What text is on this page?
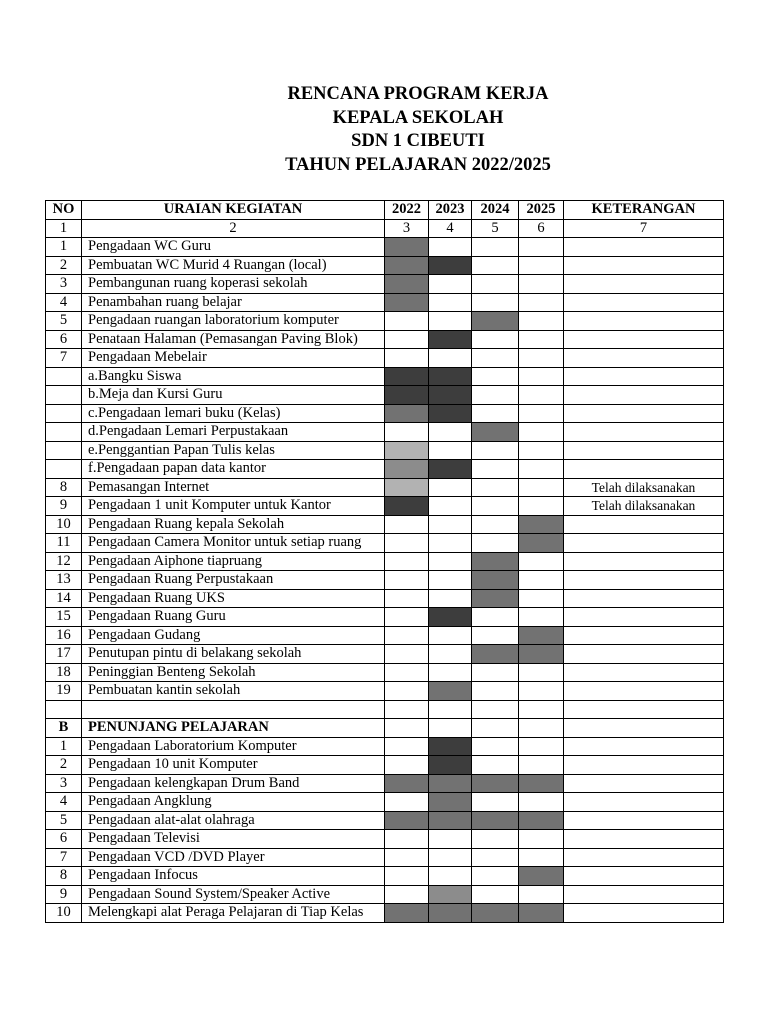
RENCANA PROGRAM KERJA
KEPALA SEKOLAH
SDN 1 CIBEUTI
TAHUN PELAJARAN 2022/2025
NO	URAIAN KEGIATAN	2022	2023	2024	2025	KETERANGAN
1	2	3	4	5	6	7
1	Pengadaan WC Guru					
2	Pembuatan WC Murid 4 Ruangan (local)					
3	Pembangunan ruang koperasi sekolah					
4	Penambahan ruang belajar					
5	Pengadaan ruangan laboratorium komputer					
6	Penataan Halaman (Pemasangan Paving Blok)					
7	Pengadaan Mebelair					
	a.Bangku Siswa					
	b.Meja dan Kursi Guru					
	c.Pengadaan lemari buku (Kelas)					
	d.Pengadaan Lemari Perpustakaan					
	e.Penggantian Papan Tulis kelas					
	f.Pengadaan papan data kantor					
8	Pemasangan Internet					Telah dilaksanakan
9	Pengadaan 1 unit Komputer untuk Kantor					Telah dilaksanakan
10	Pengadaan Ruang kepala Sekolah					
11	Pengadaan Camera Monitor untuk setiap ruang					
12	Pengadaan Aiphone tiapruang					
13	Pengadaan Ruang Perpustakaan					
14	Pengadaan Ruang UKS					
15	Pengadaan Ruang Guru					
16	Pengadaan Gudang					
17	Penutupan pintu di belakang sekolah					
18	Peninggian Benteng Sekolah					
19	Pembuatan kantin sekolah					

B	PENUNJANG PELAJARAN					
1	Pengadaan Laboratorium Komputer					
2	Pengadaan 10 unit Komputer					
3	Pengadaan kelengkapan Drum Band					
4	Pengadaan Angklung					
5	Pengadaan alat-alat olahraga					
6	Pengadaan Televisi					
7	Pengadaan VCD /DVD Player					
8	Pengadaan Infocus					
9	Pengadaan Sound System/Speaker Active					
10	Melengkapi alat Peraga Pelajaran di Tiap Kelas					
